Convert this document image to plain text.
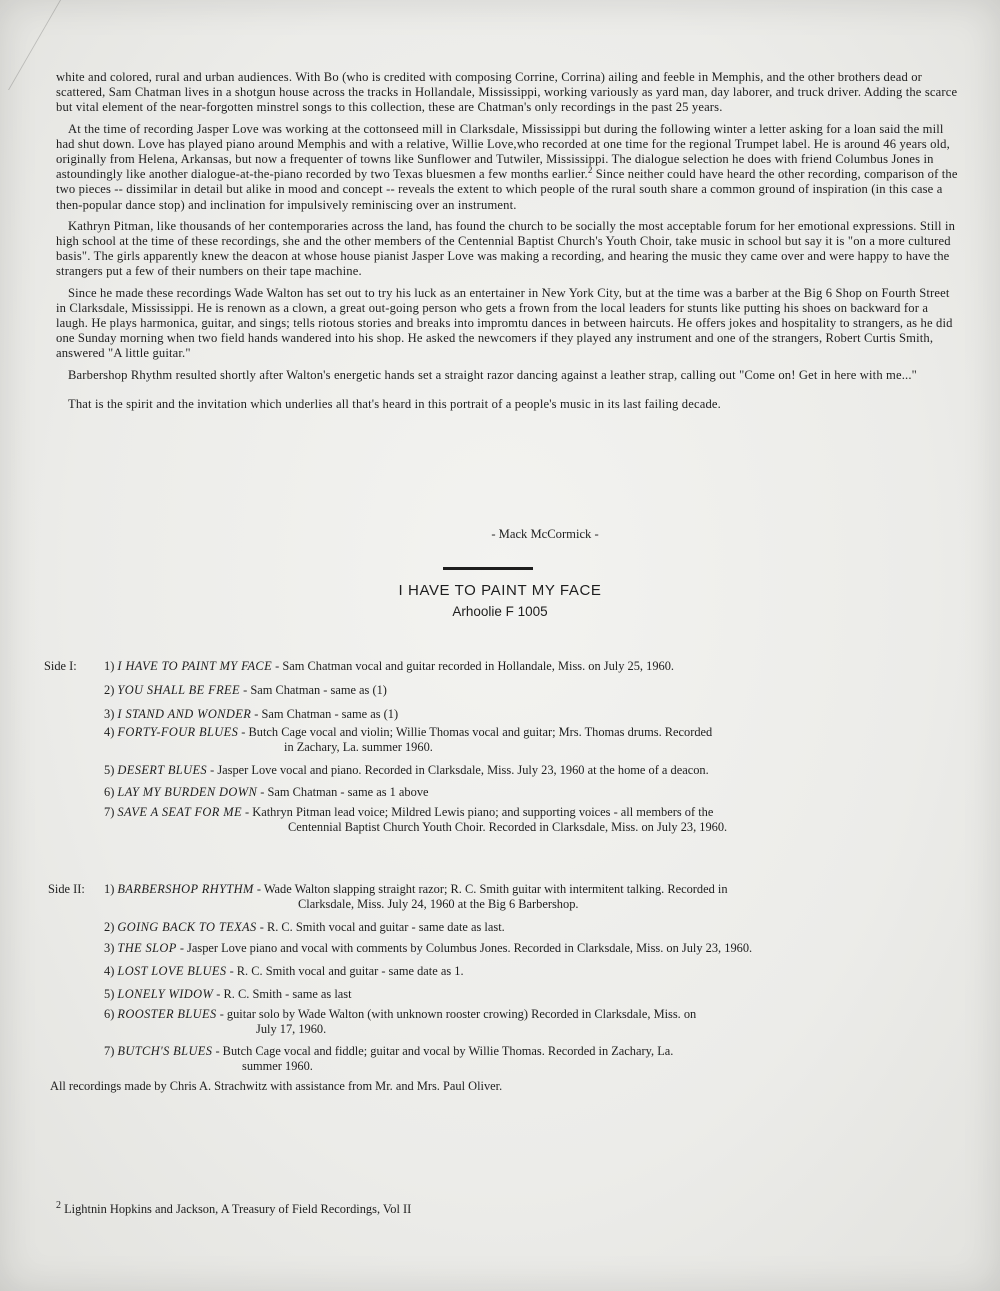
white and colored, rural and urban audiences. With Bo (who is credited with composing Corrine, Corrina) ailing and feeble in Memphis, and the other brothers dead or scattered, Sam Chatman lives in a shotgun house across the tracks in Hollandale, Mississippi, working variously as yard man, day laborer, and truck driver. Adding the scarce but vital element of the near-forgotten minstrel songs to this collection, these are Chatman's only recordings in the past 25 years.

At the time of recording Jasper Love was working at the cottonseed mill in Clarksdale, Mississippi but during the following winter a letter asking for a loan said the mill had shut down. Love has played piano around Memphis and with a relative, Willie Love,who recorded at one time for the regional Trumpet label. He is around 46 years old, originally from Helena, Arkansas, but now a frequenter of towns like Sunflower and Tutwiler, Mississippi. The dialogue selection he does with friend Columbus Jones in astoundingly like another dialogue-at-the-piano recorded by two Texas bluesmen a few months earlier.$^2$ Since neither could have heard the other recording, comparison of the two pieces -- dissimilar in detail but alike in mood and concept -- reveals the extent to which people of the rural south share a common ground of inspiration (in this case a then-popular dance stop) and inclination for impulsively reminiscing over an instrument.

Kathryn Pitman, like thousands of her contemporaries across the land, has found the church to be socially the most acceptable forum for her emotional expressions. Still in high school at the time of these recordings, she and the other members of the Centennial Baptist Church's Youth Choir, take music in school but say it is "on a more cultured basis". The girls apparently knew the deacon at whose house pianist Jasper Love was making a recording, and hearing the music they came over and were happy to have the strangers put a few of their numbers on their tape machine.

Since he made these recordings Wade Walton has set out to try his luck as an entertainer in New York City, but at the time was a barber at the Big 6 Shop on Fourth Street in Clarksdale, Mississippi. He is renown as a clown, a great out-going person who gets a frown from the local leaders for stunts like putting his shoes on backward for a laugh. He plays harmonica, guitar, and sings; tells riotous stories and breaks into impromtu dances in between haircuts. He offers jokes and hospitality to strangers, as he did one Sunday morning when two field hands wandered into his shop. He asked the newcomers if they played any instrument and one of the strangers, Robert Curtis Smith, answered "A little guitar."

Barbershop Rhythm resulted shortly after Walton's energetic hands set a straight razor dancing against a leather strap, calling out "Come on! Get in here with me..."

That is the spirit and the invitation which underlies all that's heard in this portrait of a people's music in its last failing decade.

- Mack McCormick -
I HAVE TO PAINT MY FACE
Arhoolie F 1005
Side I: 1) I HAVE TO PAINT MY FACE - Sam Chatman vocal and guitar recorded in Hollandale, Miss. on July 25, 1960.
2) YOU SHALL BE FREE - Sam Chatman - same as (1)
3) I STAND AND WONDER - Sam Chatman - same as (1)
4) FORTY-FOUR BLUES - Butch Cage vocal and violin; Willie Thomas vocal and guitar; Mrs. Thomas drums. Recorded
in Zachary, La. summer 1960.
5) DESERT BLUES - Jasper Love vocal and piano. Recorded in Clarksdale, Miss. July 23, 1960 at the home of a deacon.
6) LAY MY BURDEN DOWN - Sam Chatman - same as 1 above
7) SAVE A SEAT FOR ME - Kathryn Pitman lead voice; Mildred Lewis piano; and supporting voices - all members of the
Centennial Baptist Church Youth Choir. Recorded in Clarksdale, Miss. on July 23, 1960.
Side II: 1) BARBERSHOP RHYTHM - Wade Walton slapping straight razor; R. C. Smith guitar with intermitent talking. Recorded in
Clarksdale, Miss. July 24, 1960 at the Big 6 Barbershop.
2) GOING BACK TO TEXAS - R. C. Smith vocal and guitar - same date as last.
3) THE SLOP - Jasper Love piano and vocal with comments by Columbus Jones. Recorded in Clarksdale, Miss. on July 23, 1960.
4) LOST LOVE BLUES - R. C. Smith vocal and guitar - same date as 1.
5) LONELY WIDOW - R. C. Smith - same as last
6) ROOSTER BLUES - guitar solo by Wade Walton (with unknown rooster crowing) Recorded in Clarksdale, Miss. on
July 17, 1960.
7) BUTCH'S BLUES - Butch Cage vocal and fiddle; guitar and vocal by Willie Thomas. Recorded in Zachary, La.
summer 1960.
All recordings made by Chris A. Strachwitz with assistance from Mr. and Mrs. Paul Oliver.
$^2$ Lightnin Hopkins and Jackson, A Treasury of Field Recordings, Vol II
